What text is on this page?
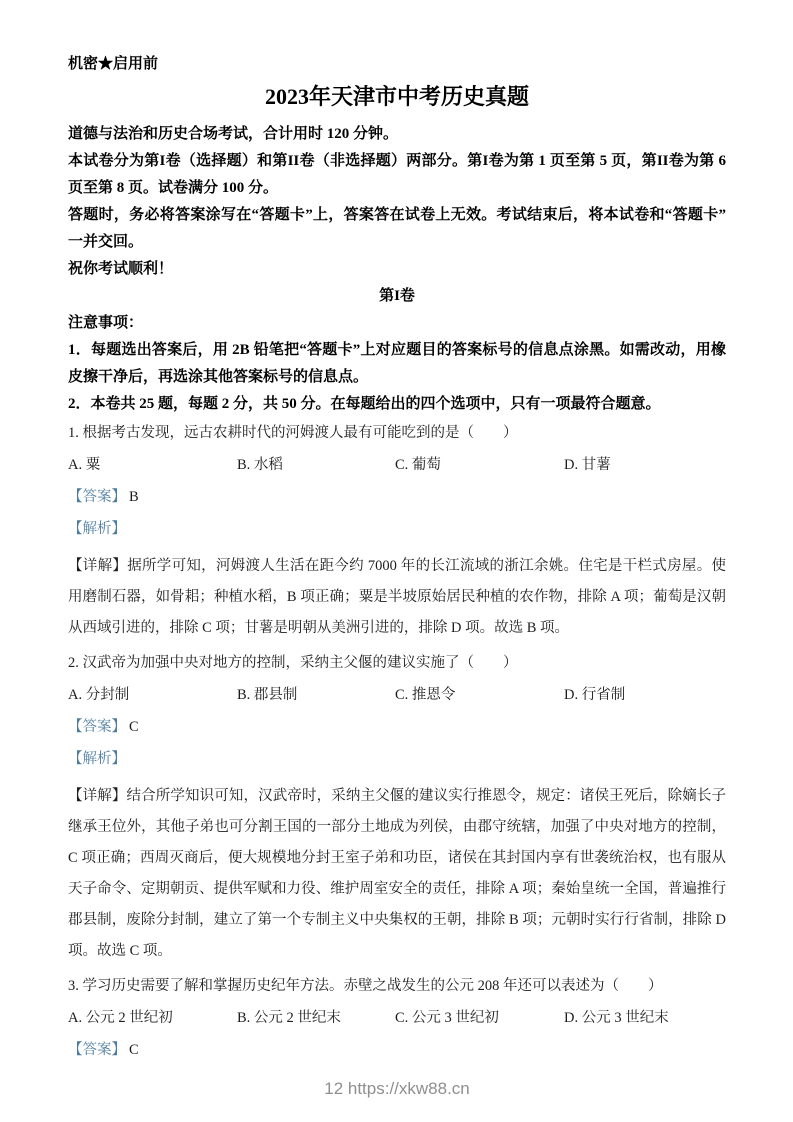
机密★启用前
2023年天津市中考历史真题

道德与法治和历史合场考试，合计用时 120 分钟。

本试卷分为第I卷（选择题）和第II卷（非选择题）两部分。第I卷为第 1 页至第 5 页，第II卷为第 6 页至第 8 页。试卷满分 100 分。

答题时，务必将答案涂写在“答题卡”上，答案答在试卷上无效。考试结束后，将本试卷和“答题卡”一并交回。

祝你考试顺利！

第I卷

注意事项：

1．每题选出答案后，用 2B 铅笔把“答题卡”上对应题目的答案标号的信息点涂黑。如需改动，用橡皮擦干净后，再选涂其他答案标号的信息点。

2．本卷共 25 题，每题 2 分，共 50 分。在每题给出的四个选项中，只有一项最符合题意。

1. 根据考古发现，远古农耕时代的河姆渡人最有可能吃到的是（　　）

A. 粟	B. 水稻	C. 葡萄	D. 甘薯

【答案】 B

【解析】

【详解】据所学可知，河姆渡人生活在距今约 7000 年的长江流域的浙江余姚。住宅是干栏式房屋。使用磨制石器，如骨耜；种植水稻，B 项正确；粟是半坡原始居民种植的农作物，排除 A 项；葡萄是汉朝从西域引进的，排除 C 项；甘薯是明朝从美洲引进的，排除 D 项。故选 B 项。

2. 汉武帝为加强中央对地方的控制，采纳主父偃的建议实施了（　　）

A. 分封制	B. 郡县制	C. 推恩令	D. 行省制

【答案】 C

【解析】

【详解】结合所学知识可知，汉武帝时，采纳主父偃的建议实行推恩令，规定：诸侯王死后，除嫡长子继承王位外，其他子弟也可分割王国的一部分土地成为列侯，由郡守统辖，加强了中央对地方的控制，C 项正确；西周灭商后，便大规模地分封王室子弟和功臣，诸侯在其封国内享有世袭统治权，也有服从天子命令、定期朝贡、提供军赋和力役、维护周室安全的责任，排除 A 项；秦始皇统一全国，普遍推行郡县制，废除分封制，建立了第一个专制主义中央集权的王朝，排除 B 项；元朝时实行行省制，排除 D 项。故选 C 项。

3. 学习历史需要了解和掌握历史纪年方法。赤壁之战发生的公元 208 年还可以表述为（　　）

A. 公元 2 世纪初	B. 公元 2 世纪末	C. 公元 3 世纪初	D. 公元 3 世纪末

【答案】 C

12 https://xkw88.cn
